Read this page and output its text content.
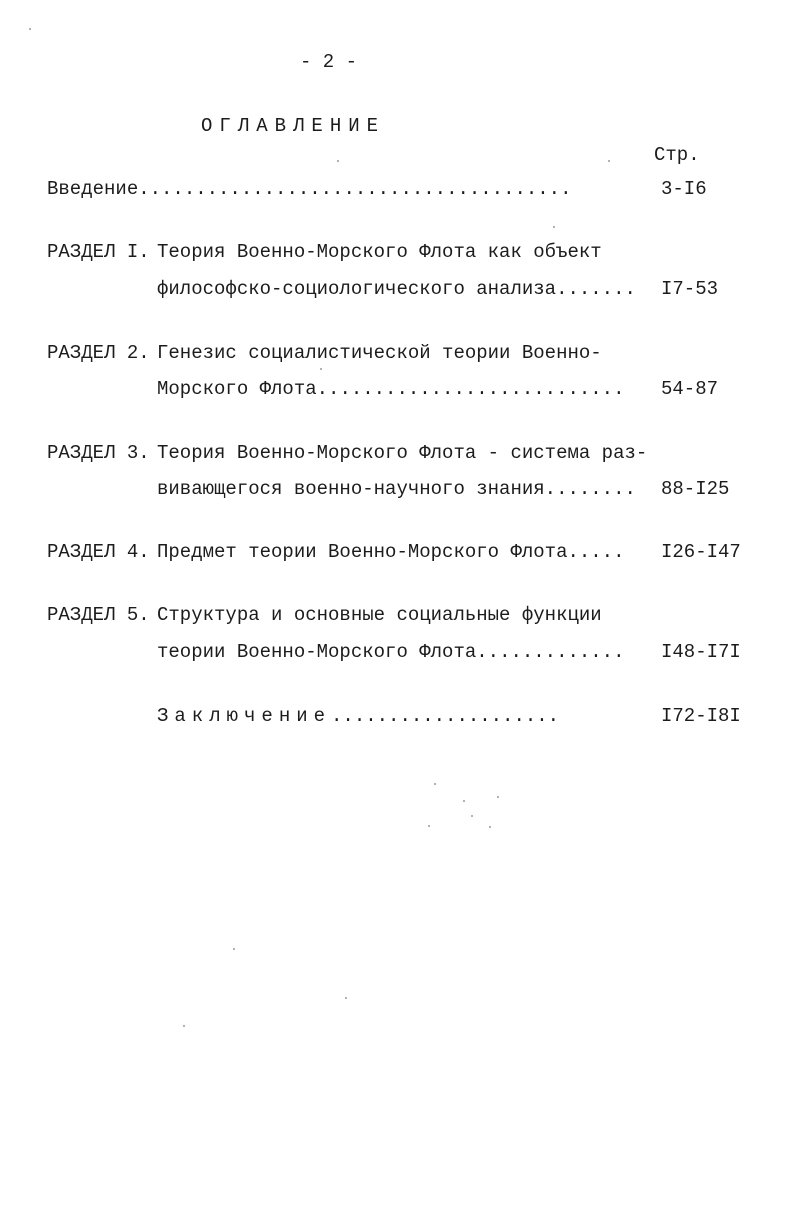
- 2 -
ОГЛАВЛЕНИЕ
Стр.
Введение......................................	3-I6
РАЗДЕЛ I. Теория Военно-Морского Флота как объект
философско-социологического анализа....... I7-53
РАЗДЕЛ 2. Генезис социалистической теории Военно-
Морского Флота........................... 54-87
РАЗДЕЛ 3. Теория Военно-Морского Флота - система раз-
вивающегося военно-научного знания........ 88-I25
РАЗДЕЛ 4. Предмет теории Военно-Морского Флота..... I26-I47
РАЗДЕЛ 5. Структура и основные социальные функции
теории Военно-Морского Флота............. I48-I7I
Заключение....................	I72-I8I
